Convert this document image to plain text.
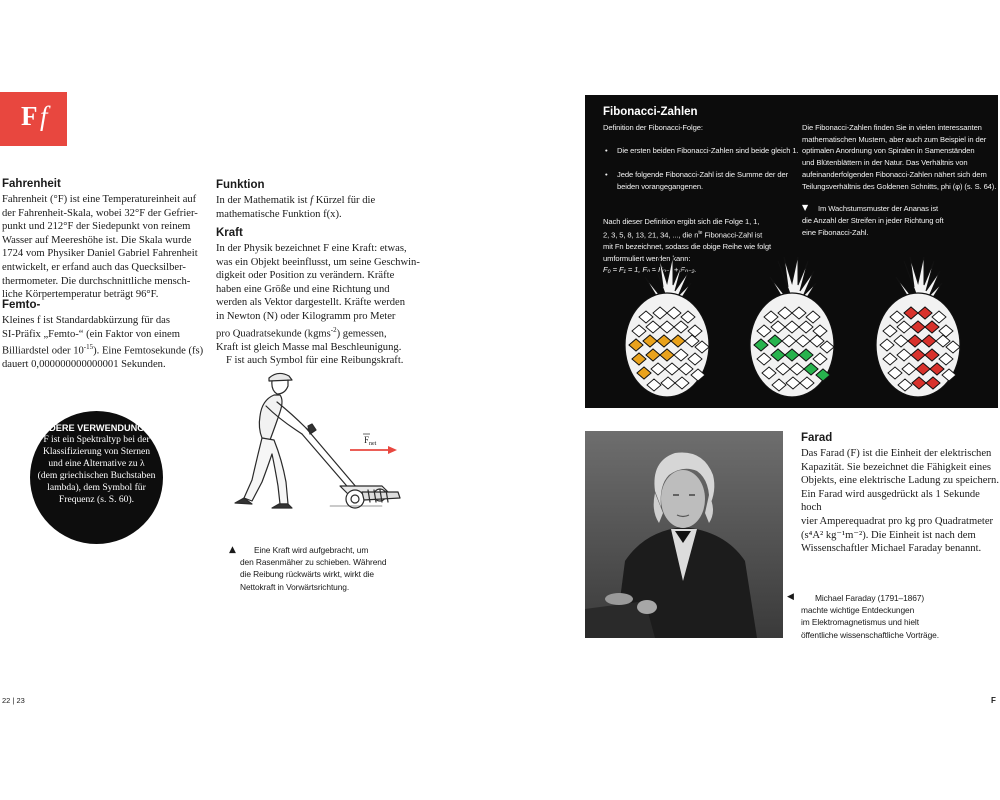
F f
Fahrenheit
Fahrenheit (°F) ist eine Temperatureinheit auf
der Fahrenheit-Skala, wobei 32°F der Gefrier-
punkt und 212°F der Siedepunkt von reinem
Wasser auf Meereshöhe ist. Die Skala wurde
1724 vom Physiker Daniel Gabriel Fahrenheit
entwickelt, er erfand auch das Quecksilber-
thermometer. Die durchschnittliche mensch-
liche Körpertemperatur beträgt 96°F.
Femto-
Kleines f ist Standardabkürzung für das
SI-Präfix „Femto-“ (ein Faktor von einem
Billiardstel oder $10^{-15}$). Eine Femtosekunde (fs)
dauert 0,000000000000001 Sekunden.
ANDERE VERWENDUNGEN
F ist ein Spektraltyp bei der
Klassifizierung von Sternen
und eine Alternative zu λ
(dem griechischen Buchstaben
lambda), dem Symbol für
Frequenz (s. S. 60).
Funktion
In der Mathematik ist f Kürzel für die
mathematische Funktion f(x).
Kraft
In der Physik bezeichnet F eine Kraft: etwas,
was ein Objekt beeinflusst, um seine Geschwin-
digkeit oder Position zu verändern. Kräfte
haben eine Größe und eine Richtung und
werden als Vektor dargestellt. Kräfte werden
in Newton (N) oder Kilogramm pro Meter
pro Quadratsekunde (kgms$^{-2}$) gemessen,
Kraft ist gleich Masse mal Beschleunigung.
F ist auch Symbol für eine Reibungskraft.
F net
▲	Eine Kraft wird aufgebracht, um
den Rasenmäher zu schieben. Während
die Reibung rückwärts wirkt, wirkt die
Nettokraft in Vorwärtsrichtung.
Fibonacci-Zahlen
Definition der Fibonacci-Folge:

• Die ersten beiden Fibonacci-Zahlen sind beide gleich 1.

• Jede folgende Fibonacci-Zahl ist die Summe der der
beiden vorangegangenen.

Nach dieser Definition ergibt sich die Folge 1, 1,
2, 3, 5, 8, 13, 21, 34, ..., die $n^{te}$ Fibonacci-Zahl ist
mit Fn bezeichnet, sodass die obige Reihe wie folgt
umformuliert werden kann:
F₀ = F₁ = 1, Fₙ = Fₙ₋₁ + Fₙ₋₂.
Die Fibonacci-Zahlen finden Sie in vielen interessanten
mathematischen Mustern, aber auch zum Beispiel in der
optimalen Anordnung von Spiralen in Samenständen
und Blütenblättern in der Natur. Das Verhältnis von
aufeinanderfolgenden Fibonacci-Zahlen nähert sich dem
Teilungsverhältnis des Goldenen Schnitts, phi (φ) (s. S. 64).
▼	Im Wachstumsmuster der Ananas ist
die Anzahl der Streifen in jeder Richtung oft
eine Fibonacci-Zahl.
Farad
Das Farad (F) ist die Einheit der elektrischen
Kapazität. Sie bezeichnet die Fähigkeit eines
Objekts, eine elektrische Ladung zu speichern.
Ein Farad wird ausgedrückt als 1 Sekunde hoch
vier Amperequadrat pro kg pro Quadratmeter
(s⁴A² kg⁻¹m⁻²). Die Einheit ist nach dem
Wissenschaftler Michael Faraday benannt.
◀	Michael Faraday (1791–1867)
machte wichtige Entdeckungen
im Elektromagnetismus und hielt
öffentliche wissenschaftliche Vorträge.
22 | 23	F
